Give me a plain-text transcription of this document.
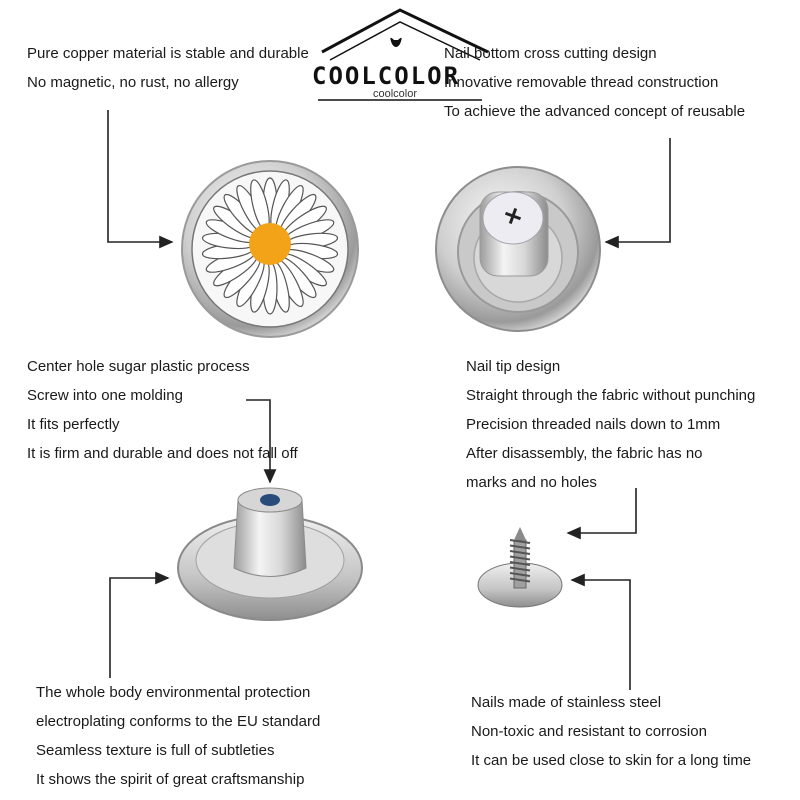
COOLCOLOR
coolcolor
Pure copper material is stable and durable
No magnetic, no rust, no allergy
Nail bottom cross cutting design
Innovative removable thread construction
To achieve the advanced concept of reusable
Center hole sugar plastic process
Screw into one molding
It fits perfectly
It is firm and durable and does not fall off
Nail tip design
Straight through the fabric without punching
Precision threaded nails down to 1mm
After disassembly, the fabric has no
marks and no holes
The whole body environmental protection
electroplating conforms to the EU standard
Seamless texture is full of subtleties
It shows the spirit of great craftsmanship
Nails made of stainless steel
Non-toxic and resistant to corrosion
It can be used close to skin for a long time
